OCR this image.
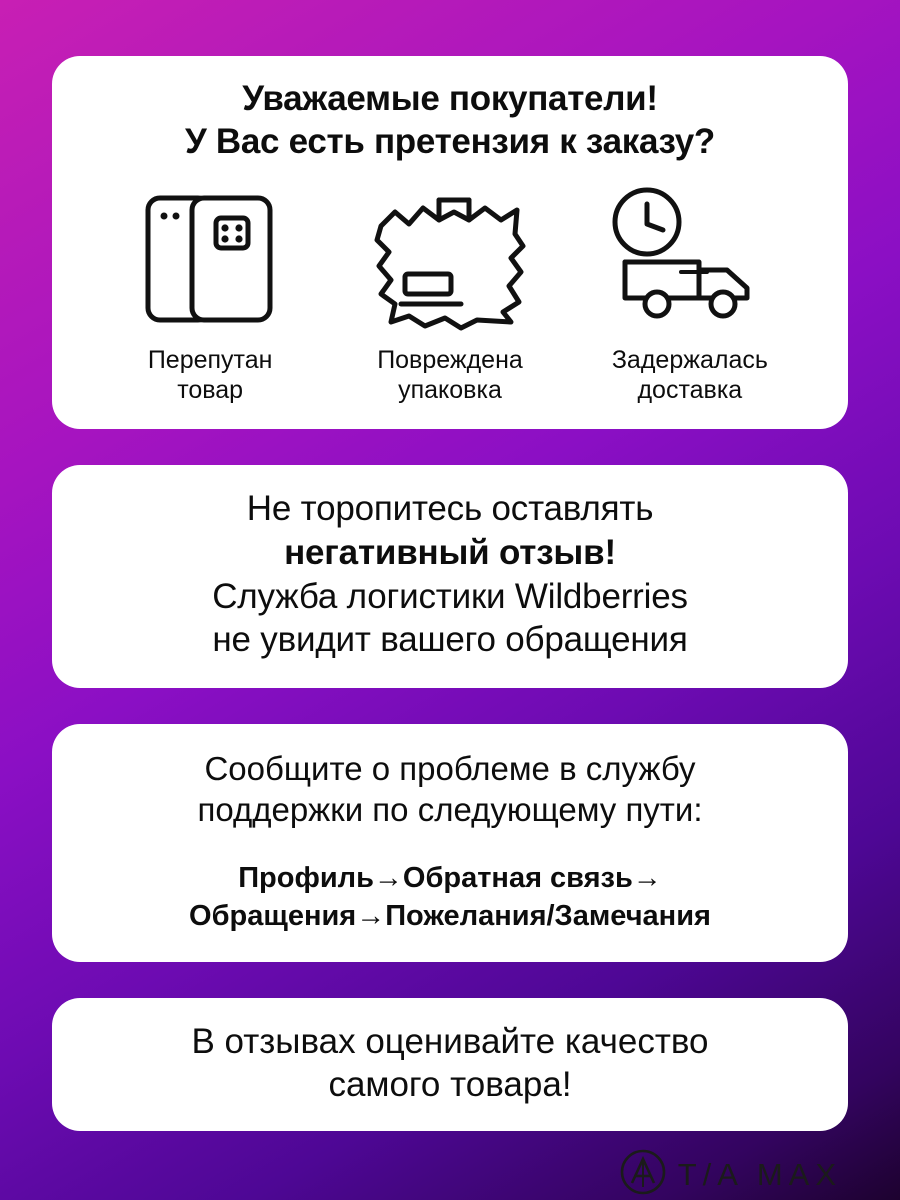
Уважаемые покупатели!
У Вас есть претензия к заказу?
Перепутан
товар
Повреждена
упаковка
Задержалась
доставка
Не торопитесь оставлять
негативный отзыв!
Служба логистики Wildberries
не увидит вашего обращения
Сообщите о проблеме в службу
поддержки по следующему пути:
Профиль→Обратная связь→
Обращения→Пожелания/Замечания
В отзывах оценивайте качество
самого товара!
T/A MAX
